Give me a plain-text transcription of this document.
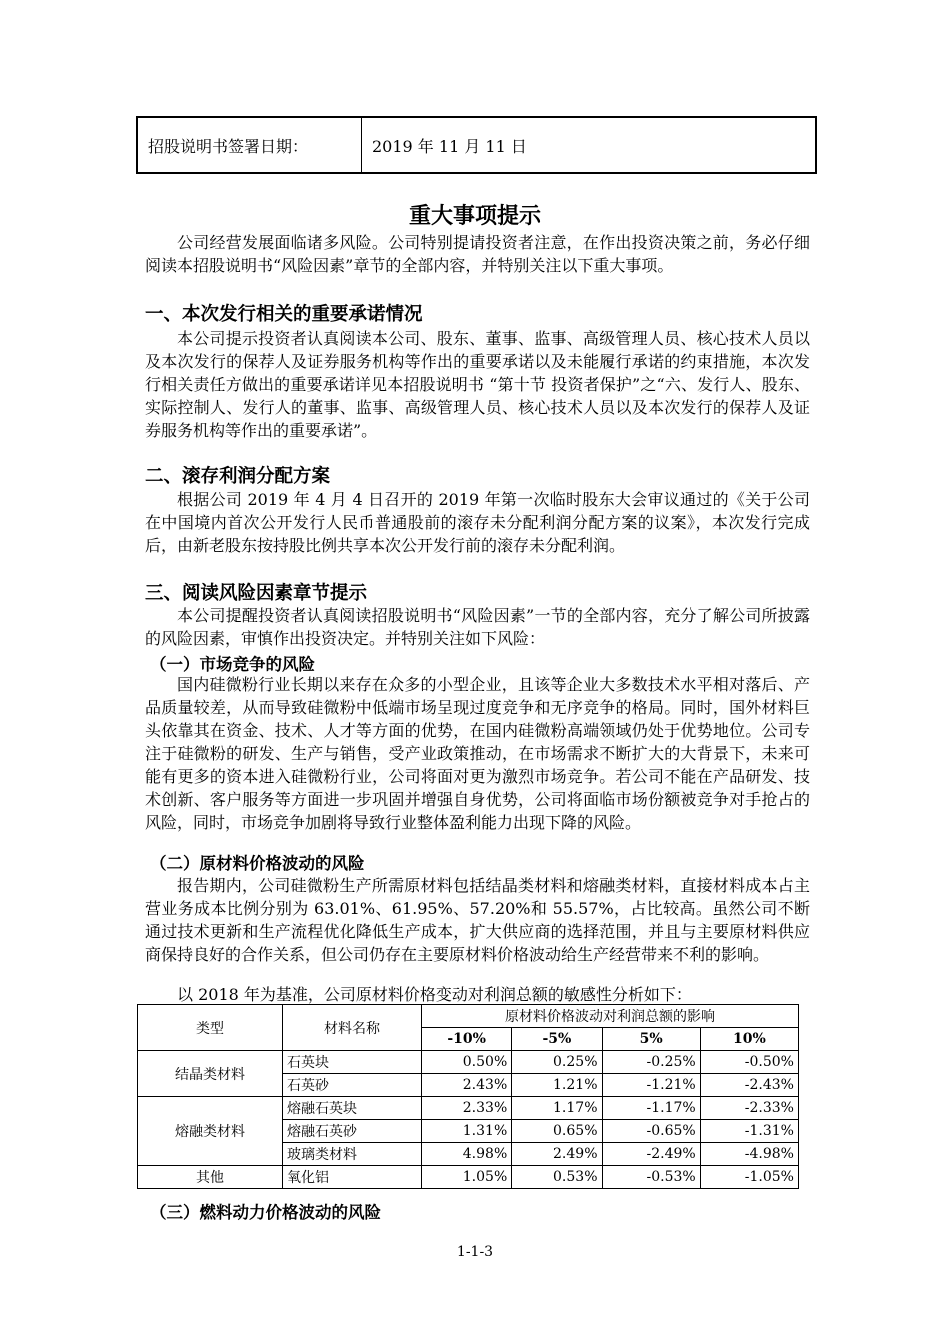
招股说明书签署日期：	2019 年 11 月 11 日
重大事项提示

公司经营发展面临诸多风险。公司特别提请投资者注意，在作出投资决策之前，务必仔细阅读本招股说明书“风险因素”章节的全部内容，并特别关注以下重大事项。

一、本次发行相关的重要承诺情况

本公司提示投资者认真阅读本公司、股东、董事、监事、高级管理人员、核心技术人员以及本次发行的保荐人及证券服务机构等作出的重要承诺以及未能履行承诺的约束措施，本次发行相关责任方做出的重要承诺详见本招股说明书 “第十节 投资者保护”之“六、发行人、股东、实际控制人、发行人的董事、监事、高级管理人员、核心技术人员以及本次发行的保荐人及证券服务机构等作出的重要承诺”。

二、滚存利润分配方案

根据公司 2019 年 4 月 4 日召开的 2019 年第一次临时股东大会审议通过的《关于公司在中国境内首次公开发行人民币普通股前的滚存未分配利润分配方案的议案》，本次发行完成后，由新老股东按持股比例共享本次公开发行前的滚存未分配利润。

三、阅读风险因素章节提示

本公司提醒投资者认真阅读招股说明书“风险因素”一节的全部内容，充分了解公司所披露的风险因素，审慎作出投资决定。并特别关注如下风险：

（一）市场竞争的风险

国内硅微粉行业长期以来存在众多的小型企业，且该等企业大多数技术水平相对落后、产品质量较差，从而导致硅微粉中低端市场呈现过度竞争和无序竞争的格局。同时，国外材料巨头依靠其在资金、技术、人才等方面的优势，在国内硅微粉高端领域仍处于优势地位。公司专注于硅微粉的研发、生产与销售，受产业政策推动，在市场需求不断扩大的大背景下，未来可能有更多的资本进入硅微粉行业，公司将面对更为激烈市场竞争。若公司不能在产品研发、技术创新、客户服务等方面进一步巩固并增强自身优势，公司将面临市场份额被竞争对手抢占的风险，同时，市场竞争加剧将导致行业整体盈利能力出现下降的风险。

（二）原材料价格波动的风险

报告期内，公司硅微粉生产所需原材料包括结晶类材料和熔融类材料，直接材料成本占主营业务成本比例分别为 63.01%、61.95%、57.20%和 55.57%，占比较高。虽然公司不断通过技术更新和生产流程优化降低生产成本，扩大供应商的选择范围，并且与主要原材料供应商保持良好的合作关系，但公司仍存在主要原材料价格波动给生产经营带来不利的影响。

以 2018 年为基准，公司原材料价格变动对利润总额的敏感性分析如下：

类型	材料名称	原材料价格波动对利润总额的影响			
		-10%	-5%	5%	10%
结晶类材料	石英块	0.50%	0.25%	-0.25%	-0.50%
	石英砂	2.43%	1.21%	-1.21%	-2.43%
熔融类材料	熔融石英块	2.33%	1.17%	-1.17%	-2.33%
	熔融石英砂	1.31%	0.65%	-0.65%	-1.31%
	玻璃类材料	4.98%	2.49%	-2.49%	-4.98%
其他	氧化铝	1.05%	0.53%	-0.53%	-1.05%
（三）燃料动力价格波动的风险
1-1-3
